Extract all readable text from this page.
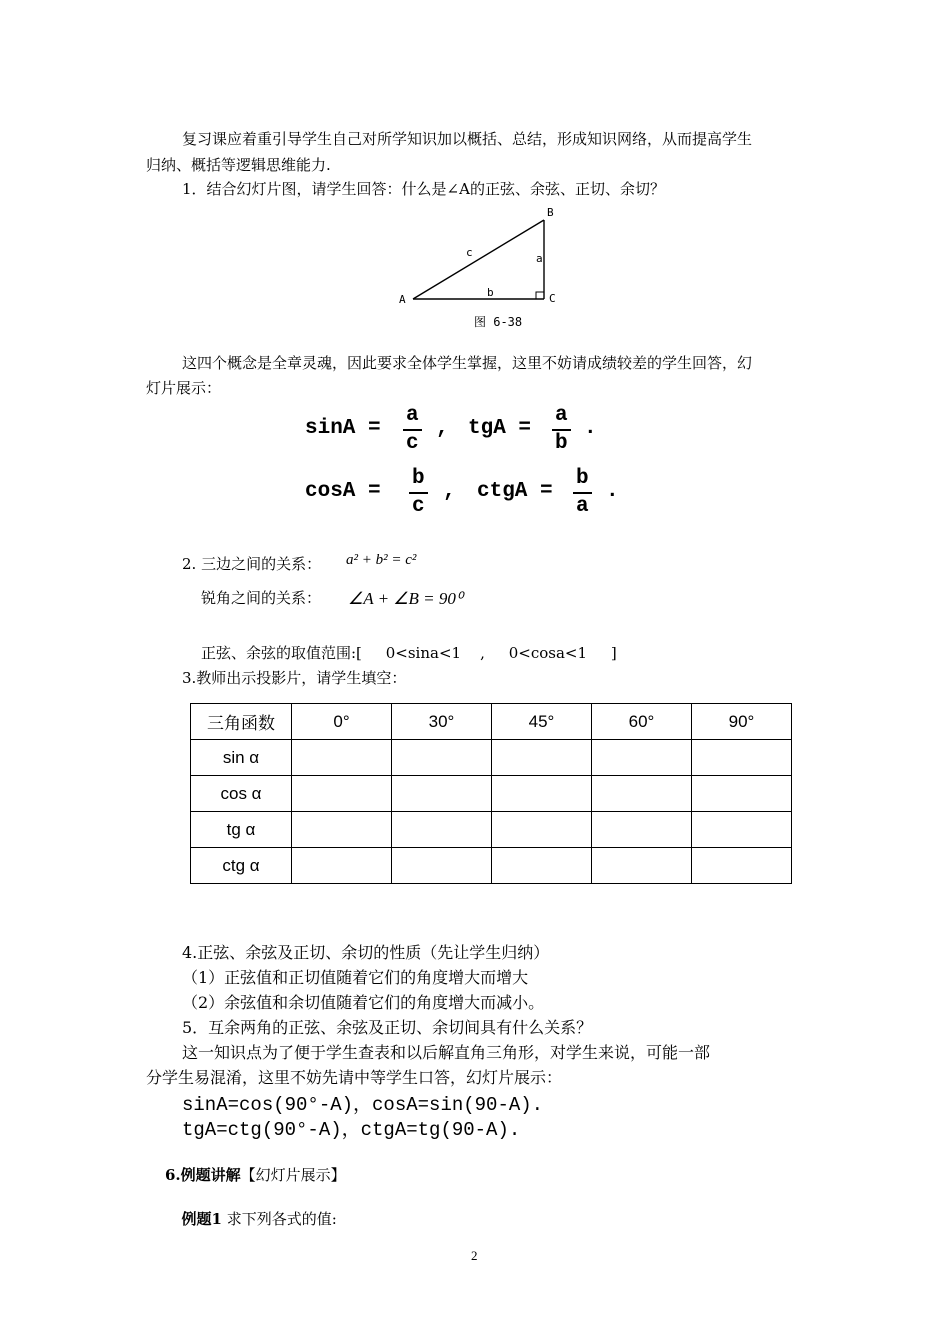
复习课应着重引导学生自己对所学知识加以概括、总结，形成知识网络，从而提高学生
归纳、概括等逻辑思维能力.
1．结合幻灯片图，请学生回答：什么是∠A的正弦、余弦、正切、余切？
A
B
C
a
b
c
图 6-38
这四个概念是全章灵魂，因此要求全体学生掌握，这里不妨请成绩较差的学生回答，幻
灯片展示：
$\sin A = \frac{a}{c}$ , tgA = $\frac{a}{b}$ .
$\cos A = \frac{b}{c}$ , ctgA = $\frac{b}{a}$ .
2. 三边之间的关系： a² + b² = c²
锐角之间的关系： ∠A + ∠B = 90⁰
正弦、余弦的取值范围:[     0<sina<1    ,     0<cosa<1     ]
3.教师出示投影片，请学生填空：
三角函数	0°	30°	45°	60°	90°
sin α					
cos α					
tg α					
ctg α					
4.正弦、余弦及正切、余切的性质（先让学生归纳）
（1）正弦值和正切值随着它们的角度增大而增大
（2）余弦值和余切值随着它们的角度增大而减小。
5．互余两角的正弦、余弦及正切、余切间具有什么关系？
这一知识点为了便于学生查表和以后解直角三角形，对学生来说，可能一部
分学生易混淆，这里不妨先请中等学生口答，幻灯片展示：
sinA=cos(90°-A)，cosA=sin(90-A).
tgA=ctg(90°-A)，ctgA=tg(90-A).
6.例题讲解【幻灯片展示】

例题1 求下列各式的值:

2
